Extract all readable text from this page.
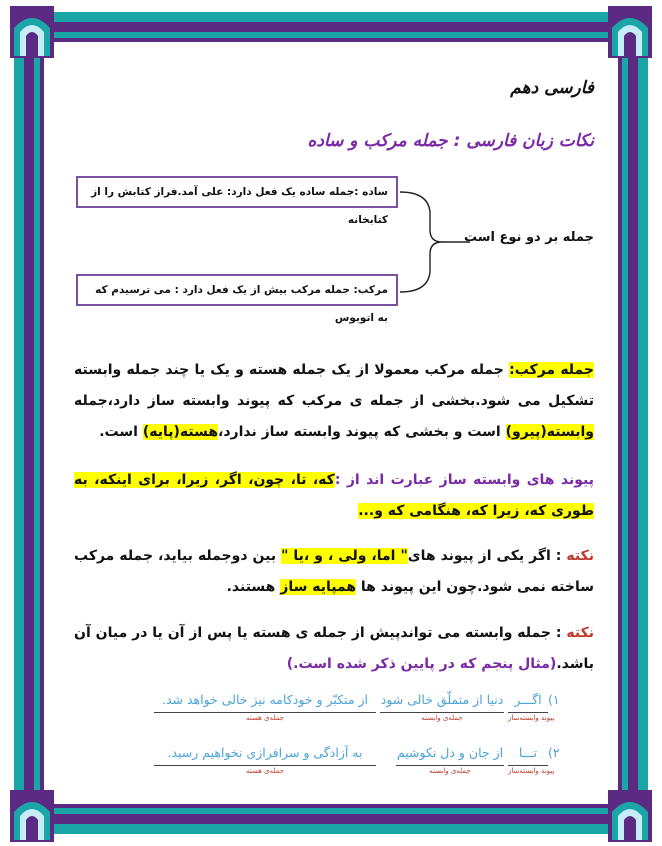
فارسی دهم
نکات زبان فارسی : جمله مرکب و ساده
ساده :جمله ساده یک فعل دارد: علی آمد.فراز کتابش را از کتابخانه
مرکب: جمله مرکب بیش از یک فعل دارد : می ترسیدم که به اتوبوس
جمله بر دو نوع است
جمله مرکب: جمله مرکب معمولا از یک جمله هسته و یک یا چند جمله وابسته تشکیل می شود.بخشی از جمله ی مرکب که پیوند وابسته ساز دارد،جمله وابسته(پیرو) است و بخشی که پیوند وابسته ساز ندارد،هسته(پایه) است.
پیوند های وابسته ساز عبارت اند از :که، تا، چون، اگر، زیرا، برای اینکه، به طوری که، زیرا که، هنگامی که و...
نکته : اگر یکی از پیوند های" اما، ولی ، و ،یا " بین دوجمله بیاید، جمله مرکب ساخته نمی شود.چون این پیوند ها همپایه ساز هستند.
نکته : جمله وابسته می تواندپیش از جمله ی هسته یا پس از آن یا در میان آن باشد.(مثال پنجم که در پایین ذکر شده است.)
۱)
اگـــر
پیوند وابسته‌ساز
دنیا از متملّق خالی شود
جمله‌ی وابسته
از متکبّر و خودکامه نیز خالی خواهد شد.
جمله‌ی هسته
۲)
تـــا
پیوند وابسته‌ساز
از جان و دل نکوشیم
جمله‌ی وابسته
به آزادگی و سرافرازی نخواهیم رسید.
جمله‌ی هسته
